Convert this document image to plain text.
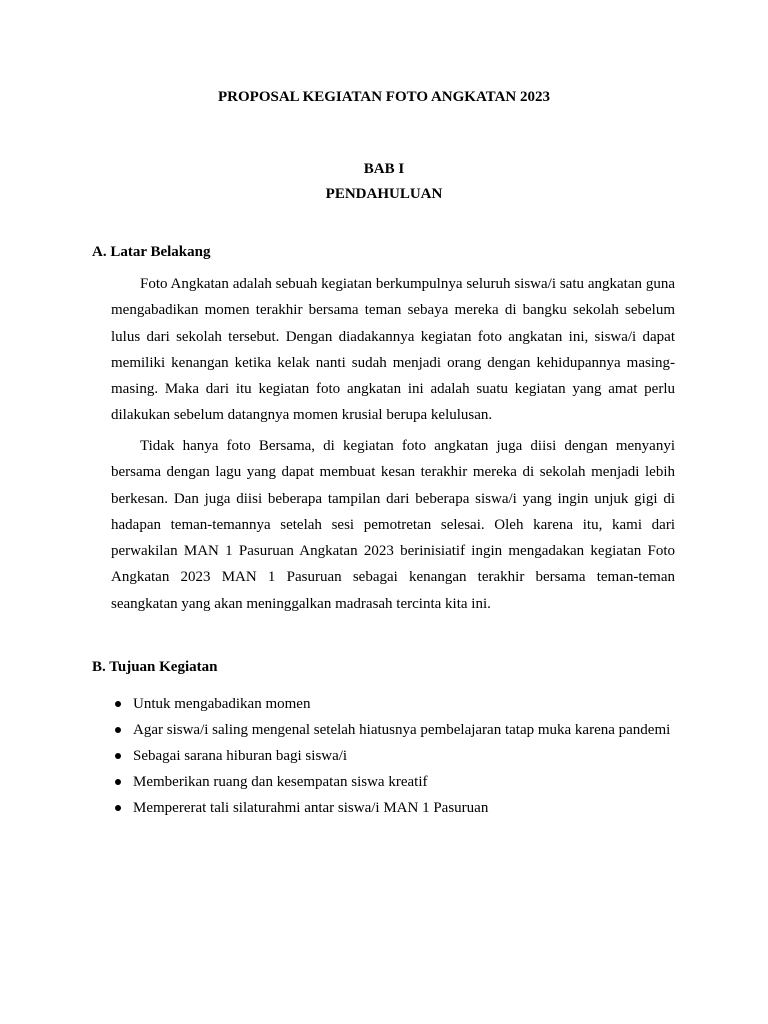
PROPOSAL KEGIATAN FOTO ANGKATAN 2023
BAB I
PENDAHULUAN
A. Latar Belakang

Foto Angkatan adalah sebuah kegiatan berkumpulnya seluruh siswa/i satu angkatan guna mengabadikan momen terakhir bersama teman sebaya mereka di bangku sekolah sebelum lulus dari sekolah tersebut. Dengan diadakannya kegiatan foto angkatan ini, siswa/i dapat memiliki kenangan ketika kelak nanti sudah menjadi orang dengan kehidupannya masing-masing. Maka dari itu kegiatan foto angkatan ini adalah suatu kegiatan yang amat perlu dilakukan sebelum datangnya momen krusial berupa kelulusan.

Tidak hanya foto Bersama, di kegiatan foto angkatan juga diisi dengan menyanyi bersama dengan lagu yang dapat membuat kesan terakhir mereka di sekolah menjadi lebih berkesan. Dan juga diisi beberapa tampilan dari beberapa siswa/i yang ingin unjuk gigi di hadapan teman-temannya setelah sesi pemotretan selesai. Oleh karena itu, kami dari perwakilan MAN 1 Pasuruan Angkatan 2023 berinisiatif ingin mengadakan kegiatan Foto Angkatan 2023 MAN 1 Pasuruan sebagai kenangan terakhir bersama teman-teman seangkatan yang akan meninggalkan madrasah tercinta kita ini.

B. Tujuan Kegiatan
Untuk mengabadikan momen
Agar siswa/i saling mengenal setelah hiatusnya pembelajaran tatap muka karena pandemi
Sebagai sarana hiburan bagi siswa/i
Memberikan ruang dan kesempatan siswa kreatif
Mempererat tali silaturahmi antar siswa/i MAN 1 Pasuruan
